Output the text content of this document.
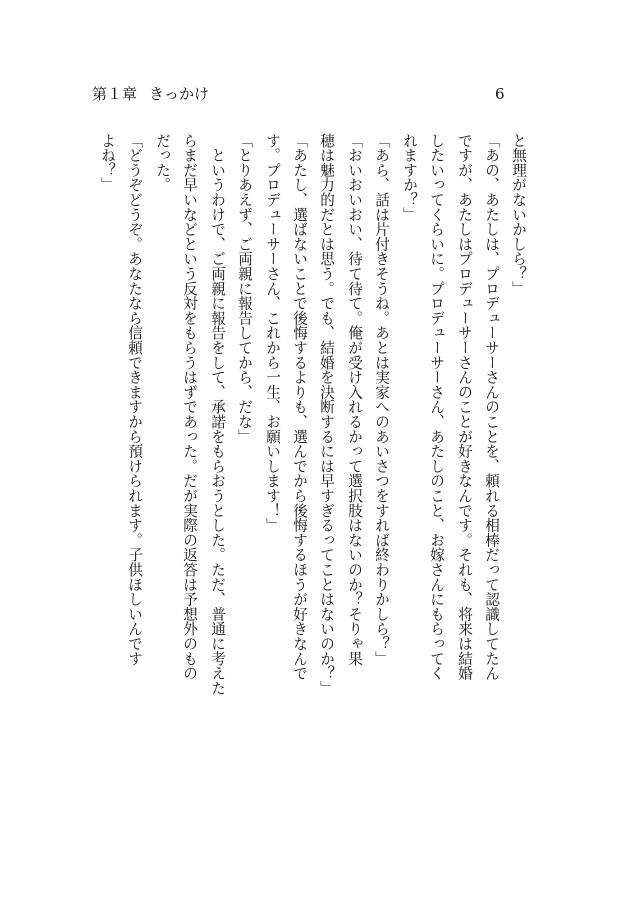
第１章 きっかけ	6
と無理がないかしら？」
「あの、あたしは、プロデューサーさんのことを、頼れる相棒だって認識してたん
ですが、あたしはプロデューサーさんのことが好きなんです。それも、将来は結婚
したいってくらいに。プロデューサーさん、あたしのこと、お嫁さんにもらってく
れますか？」
「あら、話は片付きそうね。あとは実家へのあいさつをすれば終わりかしら？」
「おいおいおい、待て待て。俺が受け入れるかって選択肢はないのか？そりゃ果
穂は魅力的だとは思う。でも、結婚を決断するには早すぎるってことはないのか？」
「あたし、選ばないことで後悔するよりも、選んでから後悔するほうが好きなんで
す。プロデューサーさん、これから一生、お願いします！」
「とりあえず、ご両親に報告してから、だな」
　というわけで、ご両親に報告をして、承諾をもらおうとした。ただ、普通に考えた
らまだ早いなどという反対をもらうはずであった。だが実際の返答は予想外のもの
だった。
「どうぞどうぞ。あなたなら信頼できますから預けられます。子供ほしいんです
よね？」
